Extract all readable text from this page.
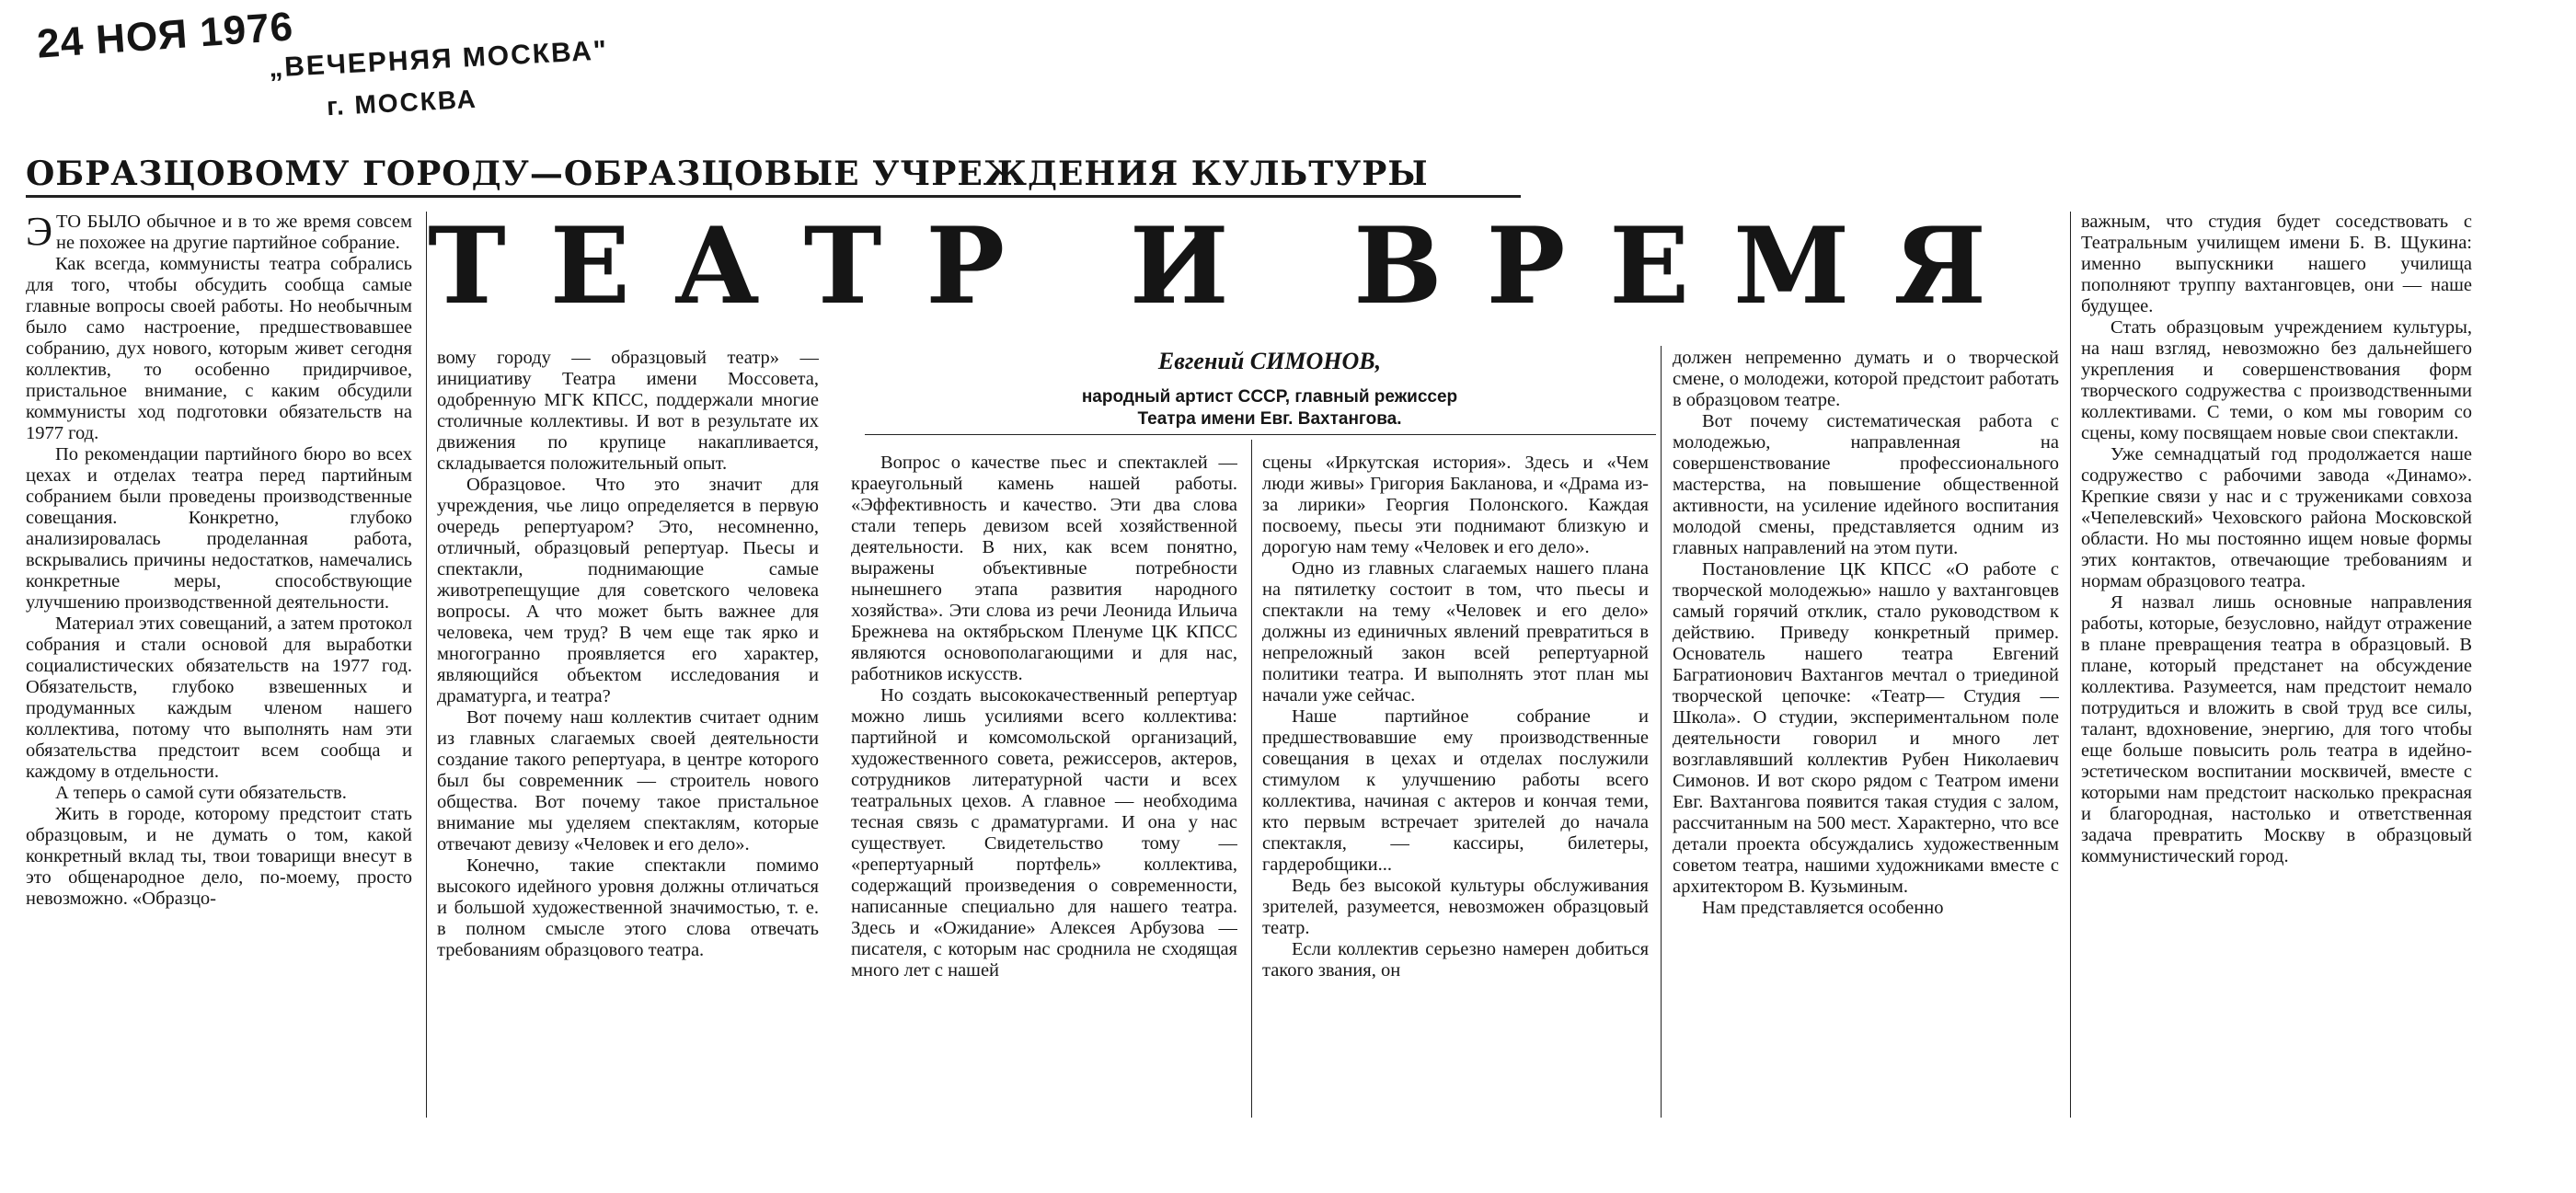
24 НОЯ 1976
„ВЕЧЕРНЯЯ МОСКВА"
г. МОСКВА
ОБРАЗЦОВОМУ ГОРОДУ—ОБРАЗЦОВЫЕ УЧРЕЖДЕНИЯ КУЛЬТУРЫ
ТЕАТР И ВРЕМЯ
Евгений СИМОНОВ,
народный артист СССР, главный режиссер
Театра имени Евг. Вахтангова.

ЭТО БЫЛО обычное и в то же время совсем не похожее на другие партийное собрание.

Как всегда, коммунисты театра собрались для того, чтобы обсудить сообща самые главные вопросы своей работы. Но необычным было само настроение, предшествовавшее собранию, дух нового, которым живет сегодня коллектив, то особенно придирчивое, пристальное внимание, с каким обсудили коммунисты ход подготовки обязательств на 1977 год.

По рекомендации партийного бюро во всех цехах и отделах театра перед партийным собранием были проведены производственные совещания. Конкретно, глубоко анализировалась проделанная работа, вскрывались причины недостатков, намечались конкретные меры, способствующие улучшению производственной деятельности.

Материал этих совещаний, а затем протокол собрания и стали основой для выработки социалистических обязательств на 1977 год. Обязательств, глубоко взвешенных и продуманных каждым членом нашего коллектива, потому что выполнять нам эти обязательства предстоит всем сообща и каждому в отдельности.

А теперь о самой сути обязательств.

Жить в городе, которому предстоит стать образцовым, и не думать о том, какой конкретный вклад ты, твои товарищи внесут в это общенародное дело, по-моему, просто невозможно. «Образцо-

вому городу — образцовый театр» — инициативу Театра имени Моссовета, одобренную МГК КПСС, поддержали многие столичные коллективы. И вот в результате их движения по крупице накапливается, складывается положительный опыт.

Образцовое. Что это значит для учреждения, чье лицо определяется в первую очередь репертуаром? Это, несомненно, отличный, образцовый репертуар. Пьесы и спектакли, поднимающие самые животрепещущие для советского человека вопросы. А что может быть важнее для человека, чем труд? В чем еще так ярко и многогранно проявляется его характер, являющийся объектом исследования и драматурга, и театра?

Вот почему наш коллектив считает одним из главных слагаемых своей деятельности создание такого репертуара, в центре которого был бы современник — строитель нового общества. Вот почему такое пристальное внимание мы уделяем спектаклям, которые отвечают девизу «Человек и его дело».

Конечно, такие спектакли помимо высокого идейного уровня должны отличаться и большой художественной значимостью, т. е. в полном смысле этого слова отвечать требованиям образцового театра.

Вопрос о качестве пьес и спектаклей — краеугольный камень нашей работы. «Эффективность и качество. Эти два слова стали теперь девизом всей хозяйственной деятельности. В них, как всем понятно, выражены объективные потребности нынешнего этапа развития народного хозяйства». Эти слова из речи Леонида Ильича Брежнева на октябрьском Пленуме ЦК КПСС являются основополагающими и для нас, работников искусств.

Но создать высококачественный репертуар можно лишь усилиями всего коллектива: партийной и комсомольской организаций, художественного совета, режиссеров, актеров, сотрудников литературной части и всех театральных цехов. А главное — необходима тесная связь с драматургами. И она у нас существует. Свидетельство тому — «репертуарный портфель» коллектива, содержащий произведения о современности, написанные специально для нашего театра. Здесь и «Ожидание» Алексея Арбузова — писателя, с которым нас сроднила не сходящая много лет с нашей

сцены «Иркутская история». Здесь и «Чем люди живы» Григория Бакланова, и «Драма из-за лирики» Георгия Полонского. Каждая посвоему, пьесы эти поднимают близкую и дорогую нам тему «Человек и его дело».

Одно из главных слагаемых нашего плана на пятилетку состоит в том, что пьесы и спектакли на тему «Человек и его дело» должны из единичных явлений превратиться в непреложный закон всей репертуарной политики театра. И выполнять этот план мы начали уже сейчас.

Наше партийное собрание и предшествовавшие ему производственные совещания в цехах и отделах послужили стимулом к улучшению работы всего коллектива, начиная с актеров и кончая теми, кто первым встречает зрителей до начала спектакля, — кассиры, билетеры, гардеробщики...

Ведь без высокой культуры обслуживания зрителей, разумеется, невозможен образцовый театр.

Если коллектив серьезно намерен добиться такого звания, он

должен непременно думать и о творческой смене, о молодежи, которой предстоит работать в образцовом театре.

Вот почему систематическая работа с молодежью, направленная на совершенствование профессионального мастерства, на повышение общественной активности, на усиление идейного воспитания молодой смены, представляется одним из главных направлений на этом пути.

Постановление ЦК КПСС «О работе с творческой молодежью» нашло у вахтанговцев самый горячий отклик, стало руководством к действию. Приведу конкретный пример. Основатель нашего театра Евгений Багратионович Вахтангов мечтал о триединой творческой цепочке: «Театр— Студия — Школа». О студии, экспериментальном поле деятельности говорил и много лет возглавлявший коллектив Рубен Николаевич Симонов. И вот скоро рядом с Театром имени Евг. Вахтангова появится такая студия с залом, рассчитанным на 500 мест. Характерно, что все детали проекта обсуждались художественным советом театра, нашими художниками вместе с архитектором В. Кузьминым.

Нам представляется особенно

важным, что студия будет соседствовать с Театральным училищем имени Б. В. Щукина: именно выпускники нашего училища пополняют труппу вахтанговцев, они — наше будущее.

Стать образцовым учреждением культуры, на наш взгляд, невозможно без дальнейшего укрепления и совершенствования форм творческого содружества с производственными коллективами. С теми, о ком мы говорим со сцены, кому посвящаем новые свои спектакли.

Уже семнадцатый год продолжается наше содружество с рабочими завода «Динамо». Крепкие связи у нас и с тружениками совхоза «Чепелевский» Чеховского района Московской области. Но мы постоянно ищем новые формы этих контактов, отвечающие требованиям и нормам образцового театра.

Я назвал лишь основные направления работы, которые, безусловно, найдут отражение в плане превращения театра в образцовый. В плане, который предстанет на обсуждение коллектива. Разумеется, нам предстоит немало потрудиться и вложить в свой труд все силы, талант, вдохновение, энергию, для того чтобы еще больше повысить роль театра в идейно-эстетическом воспитании москвичей, вместе с которыми нам предстоит насколько прекрасная и благородная, настолько и ответственная задача превратить Москву в образцовый коммунистический город.
